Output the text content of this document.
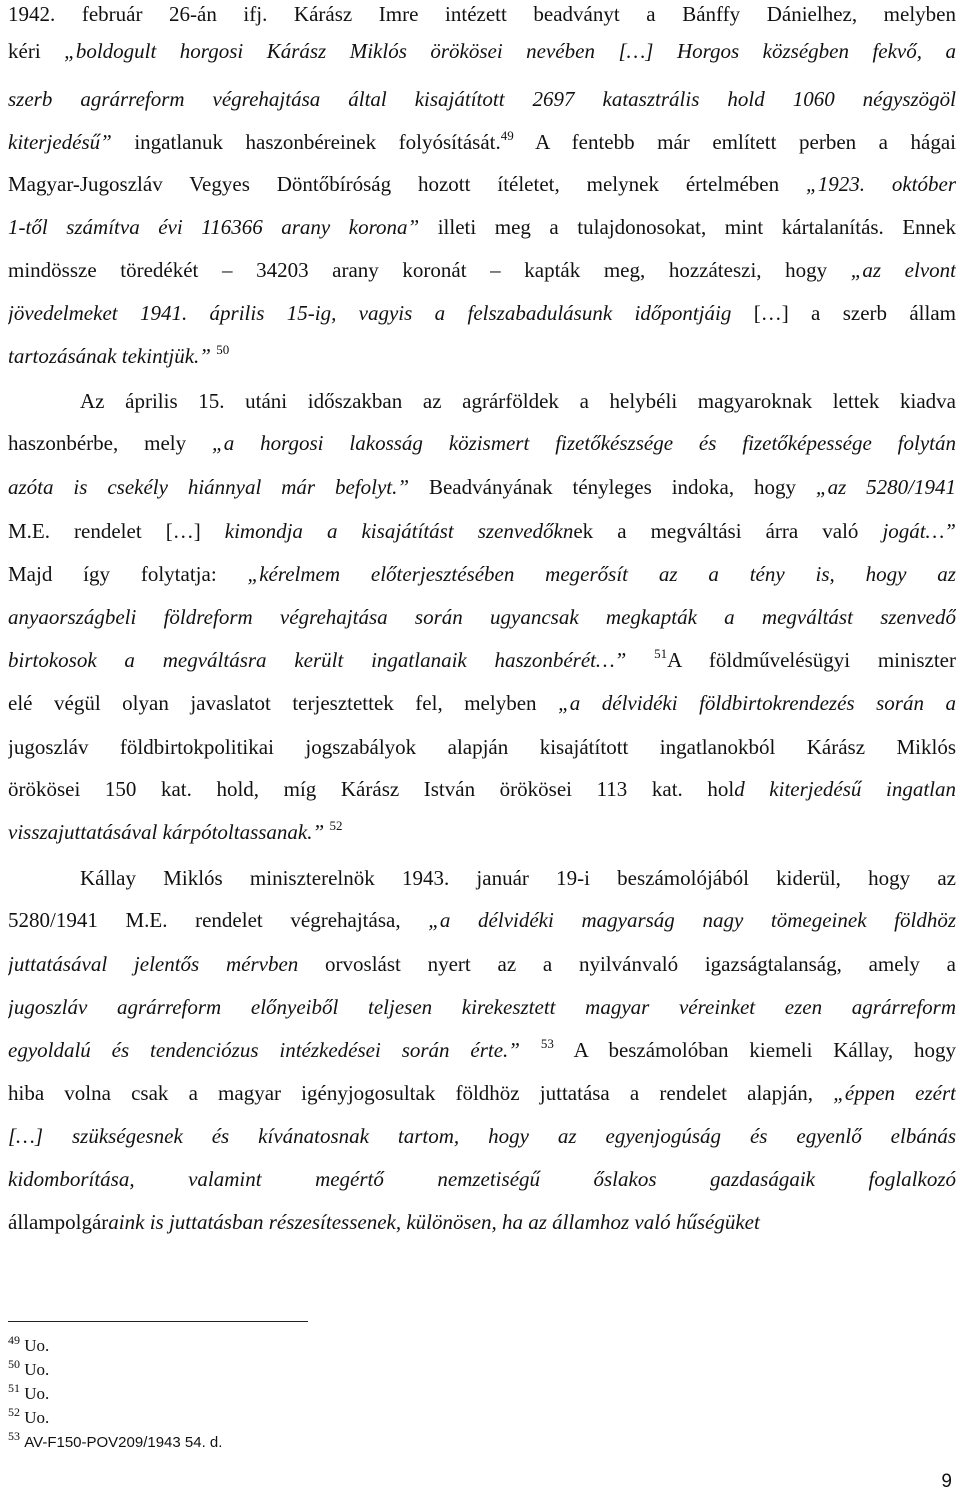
1942. február 26-án ifj. Kárász Imre intézett beadványt a Bánffy Dánielhez, melyben
kéri „boldogult horgosi Kárász Miklós örökösei nevében […] Horgos községben fekvő, a
szerb agrárreform végrehajtása által kisajátított 2697 katasztrális hold 1060 négyszögöl
kiterjedésű” ingatlanuk haszonbéreinek folyósítását.$^{49}$ A fentebb már említett perben a hágai
Magyar-Jugoszláv Vegyes Döntőbíróság hozott ítéletet, melynek értelmében „1923. október
1-től számítva évi 116366 arany korona” illeti meg a tulajdonosokat, mint kártalanítás. Ennek
mindössze töredékét – 34203 arany koronát – kapták meg, hozzáteszi, hogy „az elvont
jövedelmeket 1941. április 15-ig, vagyis a felszabadulásunk időpontjáig […] a szerb állam
tartozásának tekintjük.” $^{50}$
Az április 15. utáni időszakban az agrárföldek a helybéli magyaroknak lettek kiadva
haszonbérbe, mely „a horgosi lakosság közismert fizetőkészsége és fizetőképessége folytán
azóta is csekély hiánnyal már befolyt.” Beadványának tényleges indoka, hogy „az 5280/1941
M.E. rendelet […] kimondja a kisajátítást szenvedőknek a megváltási árra való jogát…”
Majd így folytatja: „kérelmem előterjesztésében megerősít az a tény is, hogy az
anyaországbeli földreform végrehajtása során ugyancsak megkapták a megváltást szenvedő
birtokosok a megváltásra került ingatlanaik haszonbérét…” $^{51}$A földművelésügyi miniszter
elé végül olyan javaslatot terjesztettek fel, melyben „a délvidéki földbirtokrendezés során a
jugoszláv földbirtokpolitikai jogszabályok alapján kisajátított ingatlanokból Kárász Miklós
örökösei 150 kat. hold, míg Kárász István örökösei 113 kat. hold kiterjedésű ingatlan
visszajuttatásával kárpótoltassanak.” $^{52}$
Kállay Miklós miniszterelnök 1943. január 19-i beszámolójából kiderül, hogy az
5280/1941 M.E. rendelet végrehajtása, „a délvidéki magyarság nagy tömegeinek földhöz
juttatásával jelentős mérvben orvoslást nyert az a nyilvánvaló igazságtalanság, amely a
jugoszláv agrárreform előnyeiből teljesen kirekesztett magyar véreinket ezen agrárreform
egyoldalú és tendenciózus intézkedései során érte.” $^{53}$ A beszámolóban kiemeli Kállay, hogy
hiba volna csak a magyar igényjogosultak földhöz juttatása a rendelet alapján, „éppen ezért
[…] szükségesnek és kívánatosnak tartom, hogy az egyenjogúság és egyenlő elbánás
kidomborítása, valamint megértő nemzetiségű őslakos gazdaságaik foglalkozó
állampolgáraink is juttatásban részesítessenek, különösen, ha az államhoz való hűségüket
$^{49}$ Uo.
$^{50}$ Uo.
$^{51}$ Uo.
$^{52}$ Uo.
$^{53}$ AV-F150-POV209/1943 54. d.
9
